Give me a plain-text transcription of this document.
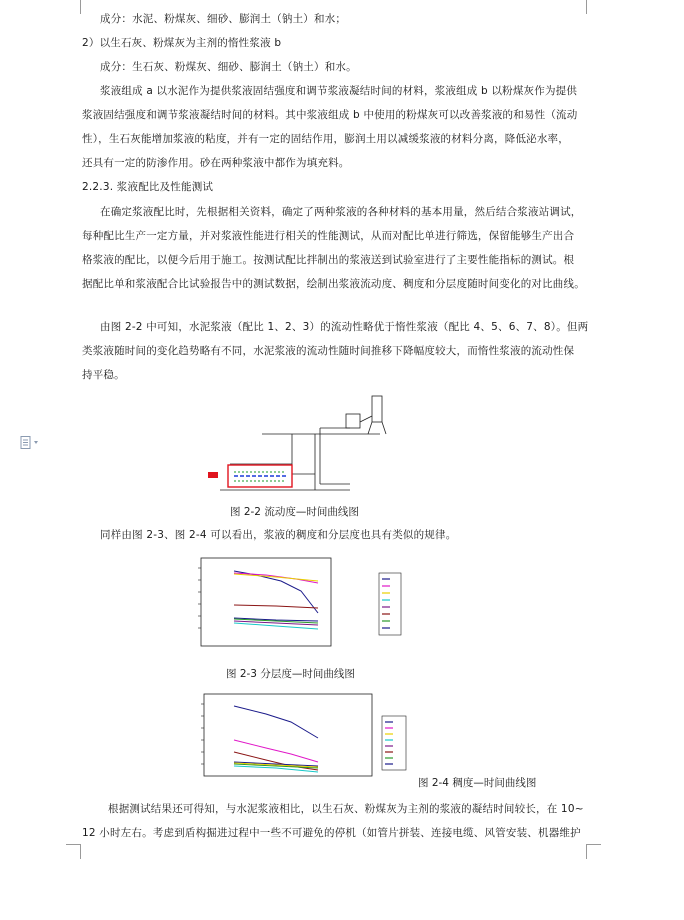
成分：水泥、粉煤灰、细砂、膨润土（钠土）和水；
2）以生石灰、粉煤灰为主剂的惰性浆液 b
成分：生石灰、粉煤灰、细砂、膨润土（钠土）和水。
浆液组成 a 以水泥作为提供浆液固结强度和调节浆液凝结时间的材料，浆液组成 b 以粉煤灰作为提供
浆液固结强度和调节浆液凝结时间的材料。其中浆液组成 b 中使用的粉煤灰可以改善浆液的和易性（流动
性），生石灰能增加浆液的粘度，并有一定的固结作用，膨润土用以减缓浆液的材料分离，降低泌水率，
还具有一定的防渗作用。砂在两种浆液中都作为填充料。
2.2.3. 浆液配比及性能测试
在确定浆液配比时，先根据相关资料，确定了两种浆液的各种材料的基本用量，然后结合浆液站调试，
每种配比生产一定方量，并对浆液性能进行相关的性能测试，从而对配比单进行筛选，保留能够生产出合
格浆液的配比，以便今后用于施工。按测试配比拌制出的浆液送到试验室进行了主要性能指标的测试。根
据配比单和浆液配合比试验报告中的测试数据，绘制出浆液流动度、稠度和分层度随时间变化的对比曲线。
由图 2-2 中可知，水泥浆液（配比 1、2、3）的流动性略优于惰性浆液（配比 4、5、6、7、8）。但两
类浆液随时间的变化趋势略有不同，水泥浆液的流动性随时间推移下降幅度较大，而惰性浆液的流动性保
持平稳。
图 2-2 流动度—时间曲线图
同样由图 2-3、图 2-4 可以看出，浆液的稠度和分层度也具有类似的规律。
图 2-3 分层度—时间曲线图
图 2-4 稠度—时间曲线图
根据测试结果还可得知，与水泥浆液相比，以生石灰、粉煤灰为主剂的浆液的凝结时间较长，在 10~
12 小时左右。考虑到盾构掘进过程中一些不可避免的停机（如管片拼装、连接电缆、风管安装、机器维护
